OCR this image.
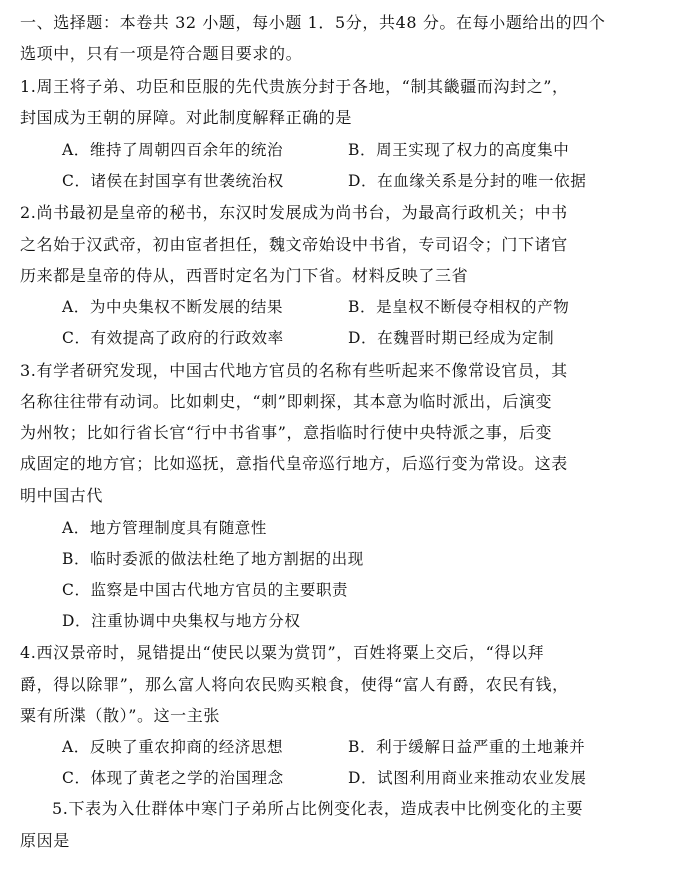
一、选择题：本卷共 32 小题，每小题 1．5分，共48 分。在每小题给出的四个
选项中，只有一项是符合题目要求的。
1.周王将子弟、功臣和臣服的先代贵族分封于各地，“制其畿疆而沟封之”，
封国成为王朝的屏障。对此制度解释正确的是
A．维持了周朝四百余年的统治	B．周王实现了权力的高度集中
C．诸侯在封国享有世袭统治权	D．在血缘关系是分封的唯一依据
2.尚书最初是皇帝的秘书，东汉时发展成为尚书台，为最高行政机关；中书
之名始于汉武帝，初由宦者担任，魏文帝始设中书省，专司诏令；门下诸官
历来都是皇帝的侍从，西晋时定名为门下省。材料反映了三省
A．为中央集权不断发展的结果	B．是皇权不断侵夺相权的产物
C．有效提高了政府的行政效率	D．在魏晋时期已经成为定制
3.有学者研究发现，中国古代地方官员的名称有些听起来不像常设官员，其
名称往往带有动词。比如刺史，“刺”即刺探，其本意为临时派出，后演变
为州牧；比如行省长官“行中书省事”，意指临时行使中央特派之事，后变
成固定的地方官；比如巡抚，意指代皇帝巡行地方，后巡行变为常设。这表
明中国古代
A．地方管理制度具有随意性
B．临时委派的做法杜绝了地方割据的出现
C．监察是中国古代地方官员的主要职责
D．注重协调中央集权与地方分权
4.西汉景帝时，晁错提出“使民以粟为赏罚”，百姓将粟上交后，“得以拜
爵，得以除罪”，那么富人将向农民购买粮食，使得“富人有爵，农民有钱，
粟有所渫（散）”。这一主张
A．反映了重农抑商的经济思想	B．利于缓解日益严重的土地兼并
C．体现了黄老之学的治国理念	D．试图利用商业来推动农业发展
5.下表为入仕群体中寒门子弟所占比例变化表，造成表中比例变化的主要
原因是
